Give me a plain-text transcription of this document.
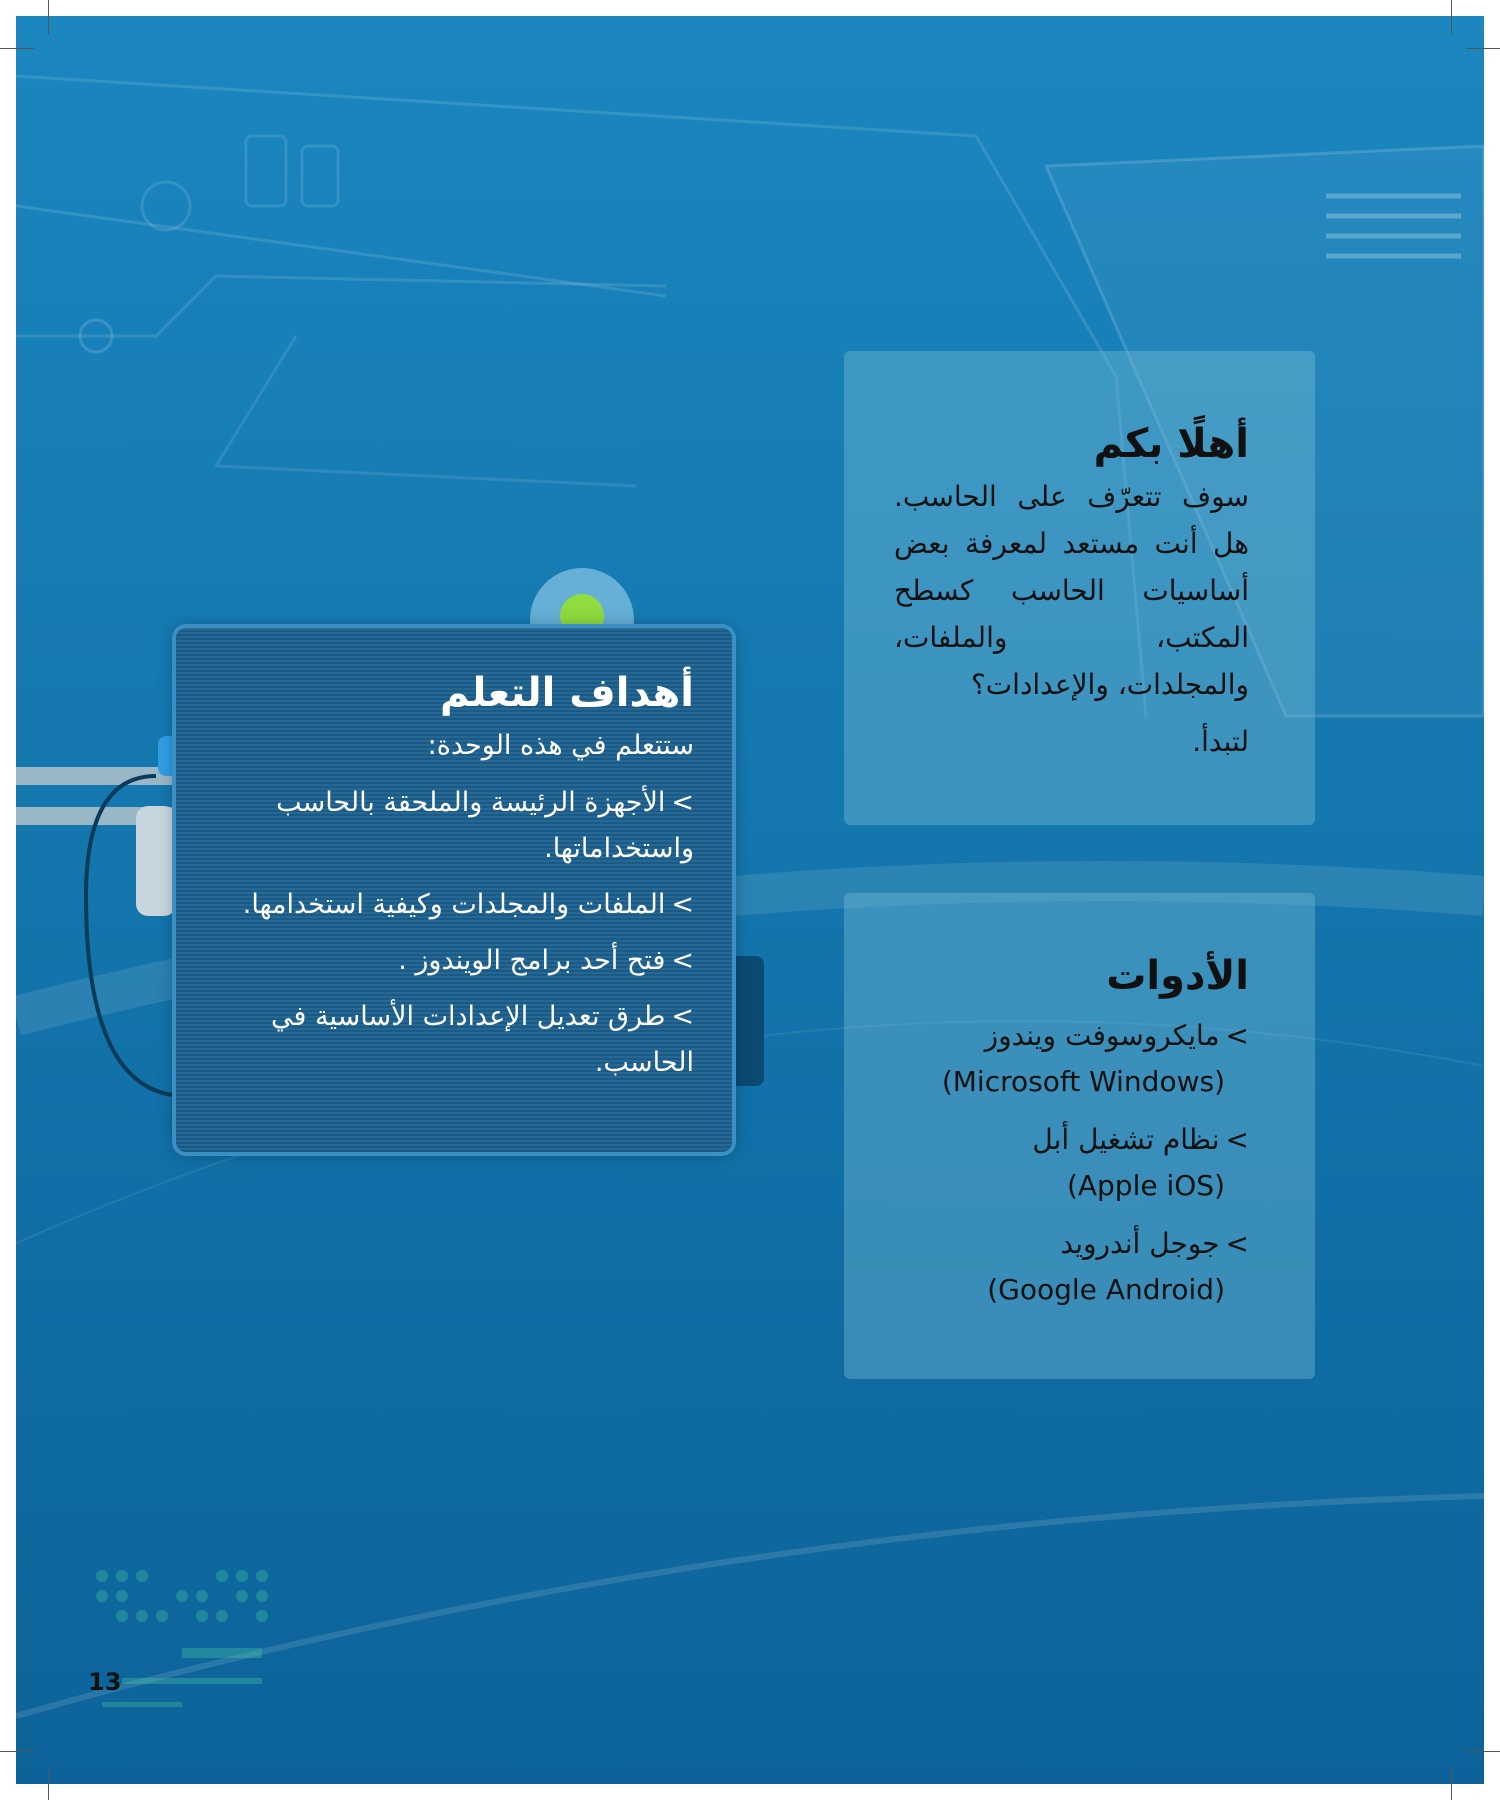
أهداف التعلم
ستتعلم في هذه الوحدة:
>الأجهزة الرئيسة والملحقة بالحاسب واستخداماتها.
>الملفات والمجلدات وكيفية استخدامها.
>فتح أحد برامج الويندوز .
>طرق تعديل الإعدادات الأساسية في الحاسب.
13
أهلًا بكم

سوف تتعرّف على الحاسب. هل أنت مستعد لمعرفة بعض أساسيات الحاسب كسطح المكتب، والملفات، والمجلدات، والإعدادات؟

لتبدأ.

الأدوات
>مايكروسوفت ويندوز
(Microsoft Windows)
>نظام تشغيل أبل
(Apple iOS)
>جوجل أندرويد
(Google Android)
